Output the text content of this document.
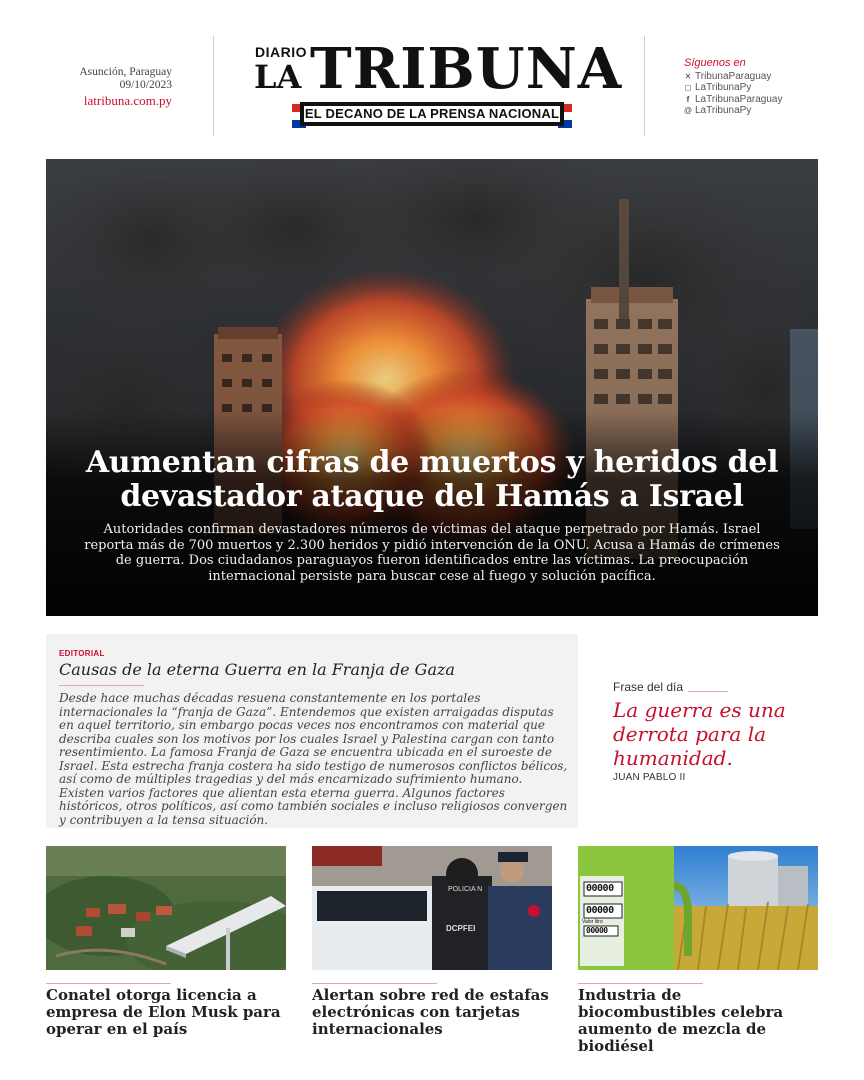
Asunción, Paraguay
09/10/2023
latribuna.com.py
DIARIO
LA TRIBUNA
EL DECANO DE LA PRENSA NACIONAL
Síguenos en
✕ TribunaParaguay
◻ LaTribunaPy
f LaTribunaParaguay
@ LaTribunaPy
Aumentan cifras de muertos y heridos del devastador ataque del Hamás a Israel
Autoridades confirman devastadores números de víctimas del ataque perpetrado por Hamás. Israel reporta más de 700 muertos y 2.300 heridos y pidió intervención de la ONU. Acusa a Hamás de crímenes de guerra. Dos ciudadanos paraguayos fueron identificados entre las víctimas. La preocupación internacional persiste para buscar cese al fuego y solución pacífica.
EDITORIAL
Causas de la eterna Guerra en la Franja de Gaza
Desde hace muchas décadas resuena constantemente en los portales internacionales la “franja de Gaza”. Entendemos que existen arraigadas disputas en aquel territorio, sin embargo pocas veces nos encontramos con material que describa cuales son los motivos por los cuales Israel y Palestina cargan con tanto resentimiento. La famosa Franja de Gaza se encuentra ubicada en el suroeste de Israel. Esta estrecha franja costera ha sido testigo de numerosos conflictos bélicos, así como de múltiples tragedias y del más encarnizado sufrimiento humano. Existen varios factores que alientan esta eterna guerra. Algunos factores históricos, otros políticos, así como también sociales e incluso religiosos convergen y contribuyen a la tensa situación.
Frase del día
La guerra es una derrota para la humanidad.
JUAN PABLO II
Conatel otorga licencia a empresa de Elon Musk para operar en el país
POLICIA N
DCPFEI
Alertan sobre red de estafas electrónicas con tarjetas internacionales
00000
00000
Valor litro
00000
Industria de biocombustibles celebra aumento de mezcla de biodiésel
